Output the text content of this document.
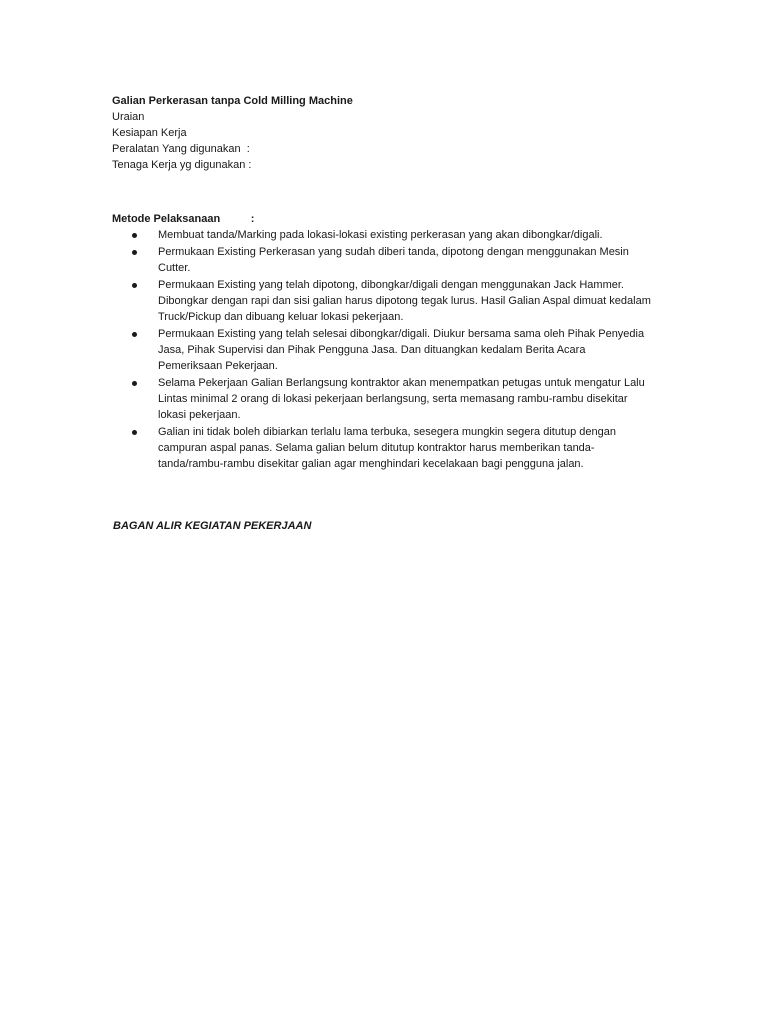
Galian Perkerasan tanpa Cold Milling Machine

Uraian

Kesiapan Kerja

Peralatan Yang digunakan  :

Tenaga Kerja yg digunakan :

Metode Pelaksanaan          :
Membuat tanda/Marking pada lokasi-lokasi existing perkerasan yang akan dibongkar/digali.
Permukaan Existing Perkerasan yang sudah diberi tanda, dipotong dengan menggunakan Mesin Cutter.
Permukaan Existing yang telah dipotong, dibongkar/digali dengan menggunakan Jack Hammer. Dibongkar dengan rapi dan sisi galian harus dipotong tegak lurus. Hasil Galian Aspal dimuat kedalam Truck/Pickup dan dibuang keluar lokasi pekerjaan.
Permukaan Existing yang telah selesai dibongkar/digali. Diukur bersama sama oleh Pihak Penyedia Jasa, Pihak Supervisi dan Pihak Pengguna Jasa. Dan dituangkan kedalam Berita Acara Pemeriksaan Pekerjaan.
Selama Pekerjaan Galian Berlangsung kontraktor akan menempatkan petugas untuk mengatur Lalu Lintas minimal 2 orang di lokasi pekerjaan berlangsung, serta memasang rambu-rambu disekitar lokasi pekerjaan.
Galian ini tidak boleh dibiarkan terlalu lama terbuka, sesegera mungkin segera ditutup dengan campuran aspal panas. Selama galian belum ditutup kontraktor harus memberikan tanda-tanda/rambu-rambu disekitar galian agar menghindari kecelakaan bagi pengguna jalan.
BAGAN ALIR KEGIATAN PEKERJAAN
